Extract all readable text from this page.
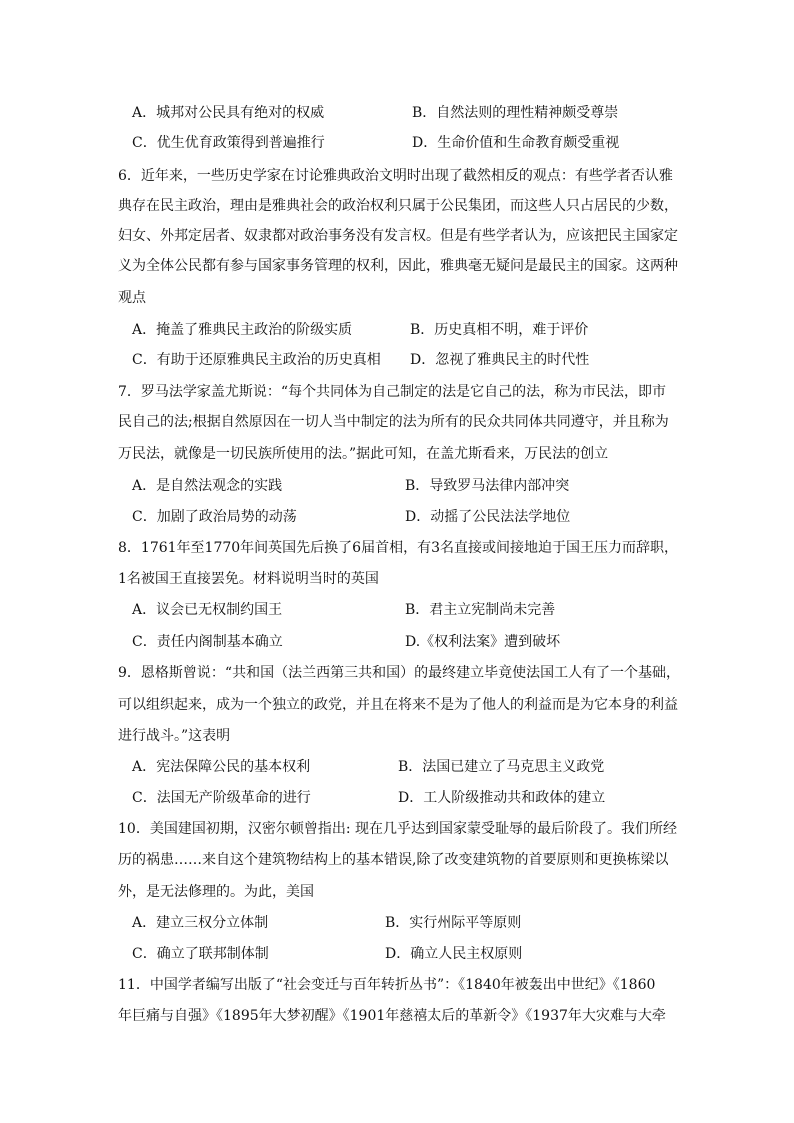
A．城邦对公民具有绝对的权威	B．自然法则的理性精神颇受尊崇
C．优生优育政策得到普遍推行	D．生命价值和生命教育颇受重视
6．近年来，一些历史学家在讨论雅典政治文明时出现了截然相反的观点：有些学者否认雅
典存在民主政治，理由是雅典社会的政治权利只属于公民集团，而这些人只占居民的少数，
妇女、外邦定居者、奴隶都对政治事务没有发言权。但是有些学者认为，应该把民主国家定
义为全体公民都有参与国家事务管理的权利，因此，雅典毫无疑问是最民主的国家。这两种
观点
A．掩盖了雅典民主政治的阶级实质	B．历史真相不明，难于评价
C．有助于还原雅典民主政治的历史真相 D．忽视了雅典民主的时代性
7．罗马法学家盖尤斯说：“每个共同体为自己制定的法是它自己的法，称为市民法，即市
民自己的法;根据自然原因在一切人当中制定的法为所有的民众共同体共同遵守，并且称为
万民法，就像是一切民族所使用的法。”据此可知，在盖尤斯看来，万民法的创立
A．是自然法观念的实践	B．导致罗马法律内部冲突
C．加剧了政治局势的动荡	D．动摇了公民法法学地位
8．1761年至1770年间英国先后换了6届首相，有3名直接或间接地迫于国王压力而辞职，
1名被国王直接罢免。材料说明当时的英国
A．议会已无权制约国王	B．君主立宪制尚未完善
C．责任内阁制基本确立	D.《权利法案》遭到破坏
9．恩格斯曾说：“共和国（法兰西第三共和国）的最终建立毕竟使法国工人有了一个基础，
可以组织起来，成为一个独立的政党，并且在将来不是为了他人的利益而是为它本身的利益
进行战斗。”这表明
A．宪法保障公民的基本权利	B．法国已建立了马克思主义政党
C．法国无产阶级革命的进行	D．工人阶级推动共和政体的建立
10．美国建国初期，汉密尔顿曾指出: 现在几乎达到国家蒙受耻辱的最后阶段了。我们所经
历的祸患……来自这个建筑物结构上的基本错误,除了改变建筑物的首要原则和更换栋梁以
外，是无法修理的。为此，美国
A．建立三权分立体制	B．实行州际平等原则
C．确立了联邦制体制	D．确立人民主权原则
11．中国学者编写出版了“社会变迁与百年转折丛书”：《1840年被轰出中世纪》《1860
年巨痛与自强》《1895年大梦初醒》《1901年慈禧太后的革新令》《1937年大灾难与大牵
